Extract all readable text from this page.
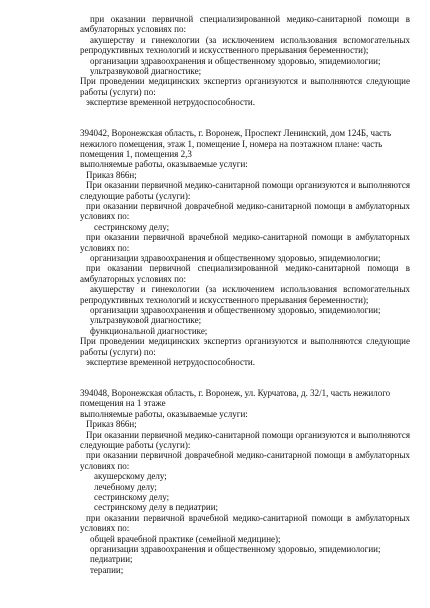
при оказании первичной специализированной медико-санитарной помощи в
амбулаторных условиях по:
акушерству и гинекологии (за исключением использования вспомогательных
репродуктивных технологий и искусственного прерывания беременности);
организации здравоохранения и общественному здоровью, эпидемиологии;
ультразвуковой диагностике;
При проведении медицинских экспертиз организуются и выполняются следующие
работы (услуги) по:
экспертизе временной нетрудоспособности.
394042, Воронежская область, г. Воронеж, Проспект Ленинский, дом 124Б, часть
нежилого помещения, этаж 1, помещение I, номера на поэтажном плане: часть
помещения 1, помещения 2,3
выполняемые работы, оказываемые услуги:
Приказ 866н;
При оказании первичной медико-санитарной помощи организуются и выполняются
следующие работы (услуги):
при оказании первичной доврачебной медико-санитарной помощи в амбулаторных
условиях по:
сестринскому делу;
при оказании первичной врачебной медико-санитарной помощи в амбулаторных
условиях по:
организации здравоохранения и общественному здоровью, эпидемиологии;
при оказании первичной специализированной медико-санитарной помощи в
амбулаторных условиях по:
акушерству и гинекологии (за исключением использования вспомогательных
репродуктивных технологий и искусственного прерывания беременности);
организации здравоохранения и общественному здоровью, эпидемиологии;
ультразвуковой диагностике;
функциональной диагностике;
При проведении медицинских экспертиз организуются и выполняются следующие
работы (услуги) по:
экспертизе временной нетрудоспособности.
394048, Воронежская область, г. Воронеж, ул. Курчатова, д. 32/1, часть нежилого
помещения на 1 этаже
выполняемые работы, оказываемые услуги:
Приказ 866н;
При оказании первичной медико-санитарной помощи организуются и выполняются
следующие работы (услуги):
при оказании первичной доврачебной медико-санитарной помощи в амбулаторных
условиях по:
акушерскому делу;
лечебному делу;
сестринскому делу;
сестринскому делу в педиатрии;
при оказании первичной врачебной медико-санитарной помощи в амбулаторных
условиях по:
общей врачебной практике (семейной медицине);
организации здравоохранения и общественному здоровью, эпидемиологии;
педиатрии;
терапии;
